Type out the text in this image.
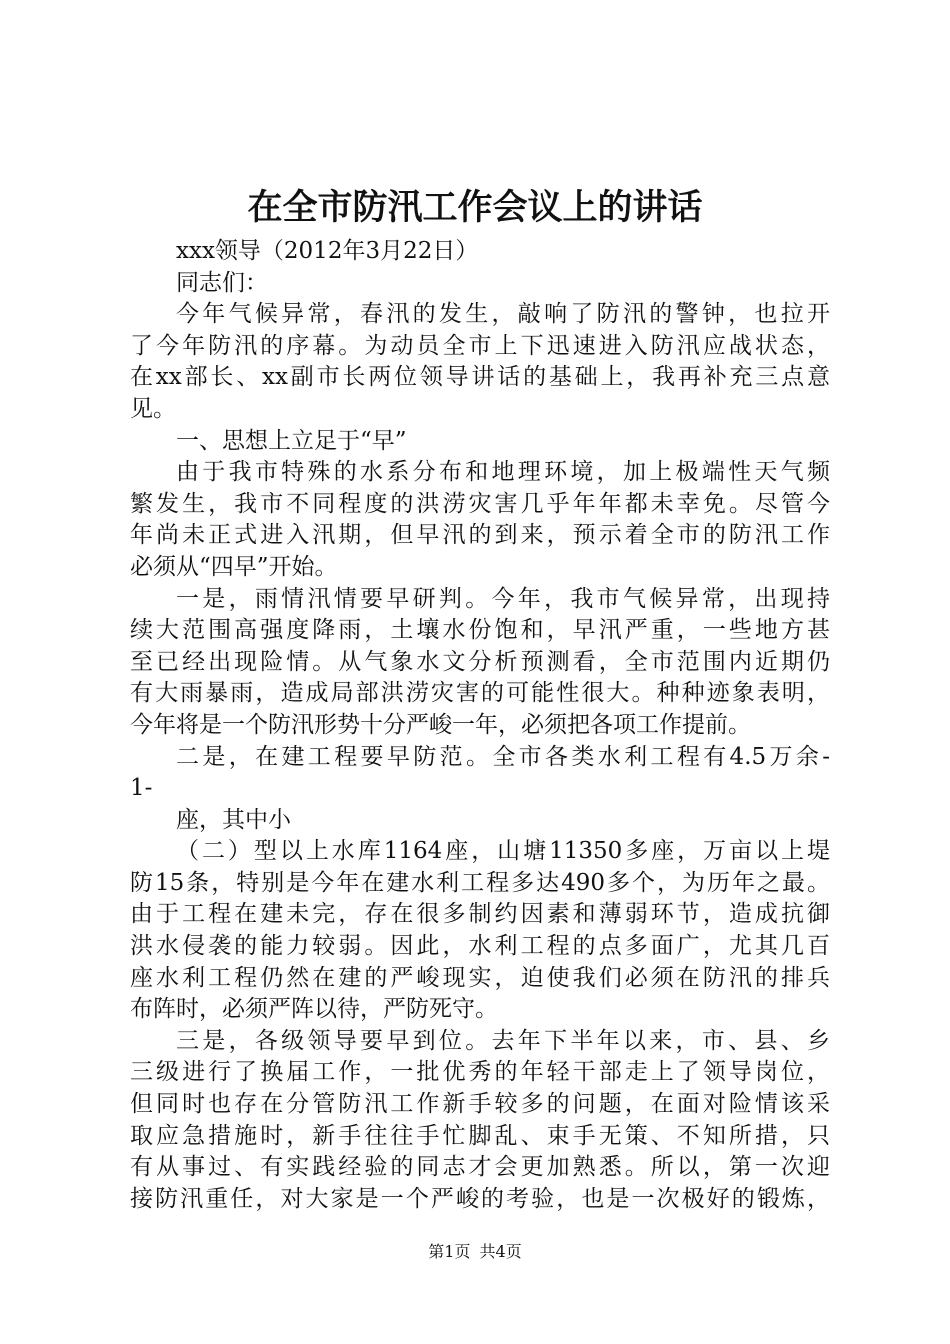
在全市防汛工作会议上的讲话
xxx领导（2012年3月22日）
同志们：
今年气候异常，春汛的发生，敲响了防汛的警钟，也拉开
了今年防汛的序幕。为动员全市上下迅速进入防汛应战状态，
在xx部长、xx副市长两位领导讲话的基础上，我再补充三点意
见。
一、思想上立足于“早”
由于我市特殊的水系分布和地理环境，加上极端性天气频
繁发生，我市不同程度的洪涝灾害几乎年年都未幸免。尽管今
年尚未正式进入汛期，但早汛的到来，预示着全市的防汛工作
必须从“四早”开始。
一是，雨情汛情要早研判。今年，我市气候异常，出现持
续大范围高强度降雨，土壤水份饱和，早汛严重，一些地方甚
至已经出现险情。从气象水文分析预测看，全市范围内近期仍
有大雨暴雨，造成局部洪涝灾害的可能性很大。种种迹象表明，
今年将是一个防汛形势十分严峻一年，必须把各项工作提前。
二是，在建工程要早防范。全市各类水利工程有4.5万余-
1-
座，其中小
（二）型以上水库1164座，山塘11350多座，万亩以上堤
防15条，特别是今年在建水利工程多达490多个，为历年之最。
由于工程在建未完，存在很多制约因素和薄弱环节，造成抗御
洪水侵袭的能力较弱。因此，水利工程的点多面广，尤其几百
座水利工程仍然在建的严峻现实，迫使我们必须在防汛的排兵
布阵时，必须严阵以待，严防死守。
三是，各级领导要早到位。去年下半年以来，市、县、乡
三级进行了换届工作，一批优秀的年轻干部走上了领导岗位，
但同时也存在分管防汛工作新手较多的问题，在面对险情该采
取应急措施时，新手往往手忙脚乱、束手无策、不知所措，只
有从事过、有实践经验的同志才会更加熟悉。所以，第一次迎
接防汛重任，对大家是一个严峻的考验，也是一次极好的锻炼，
第1页 共4页
